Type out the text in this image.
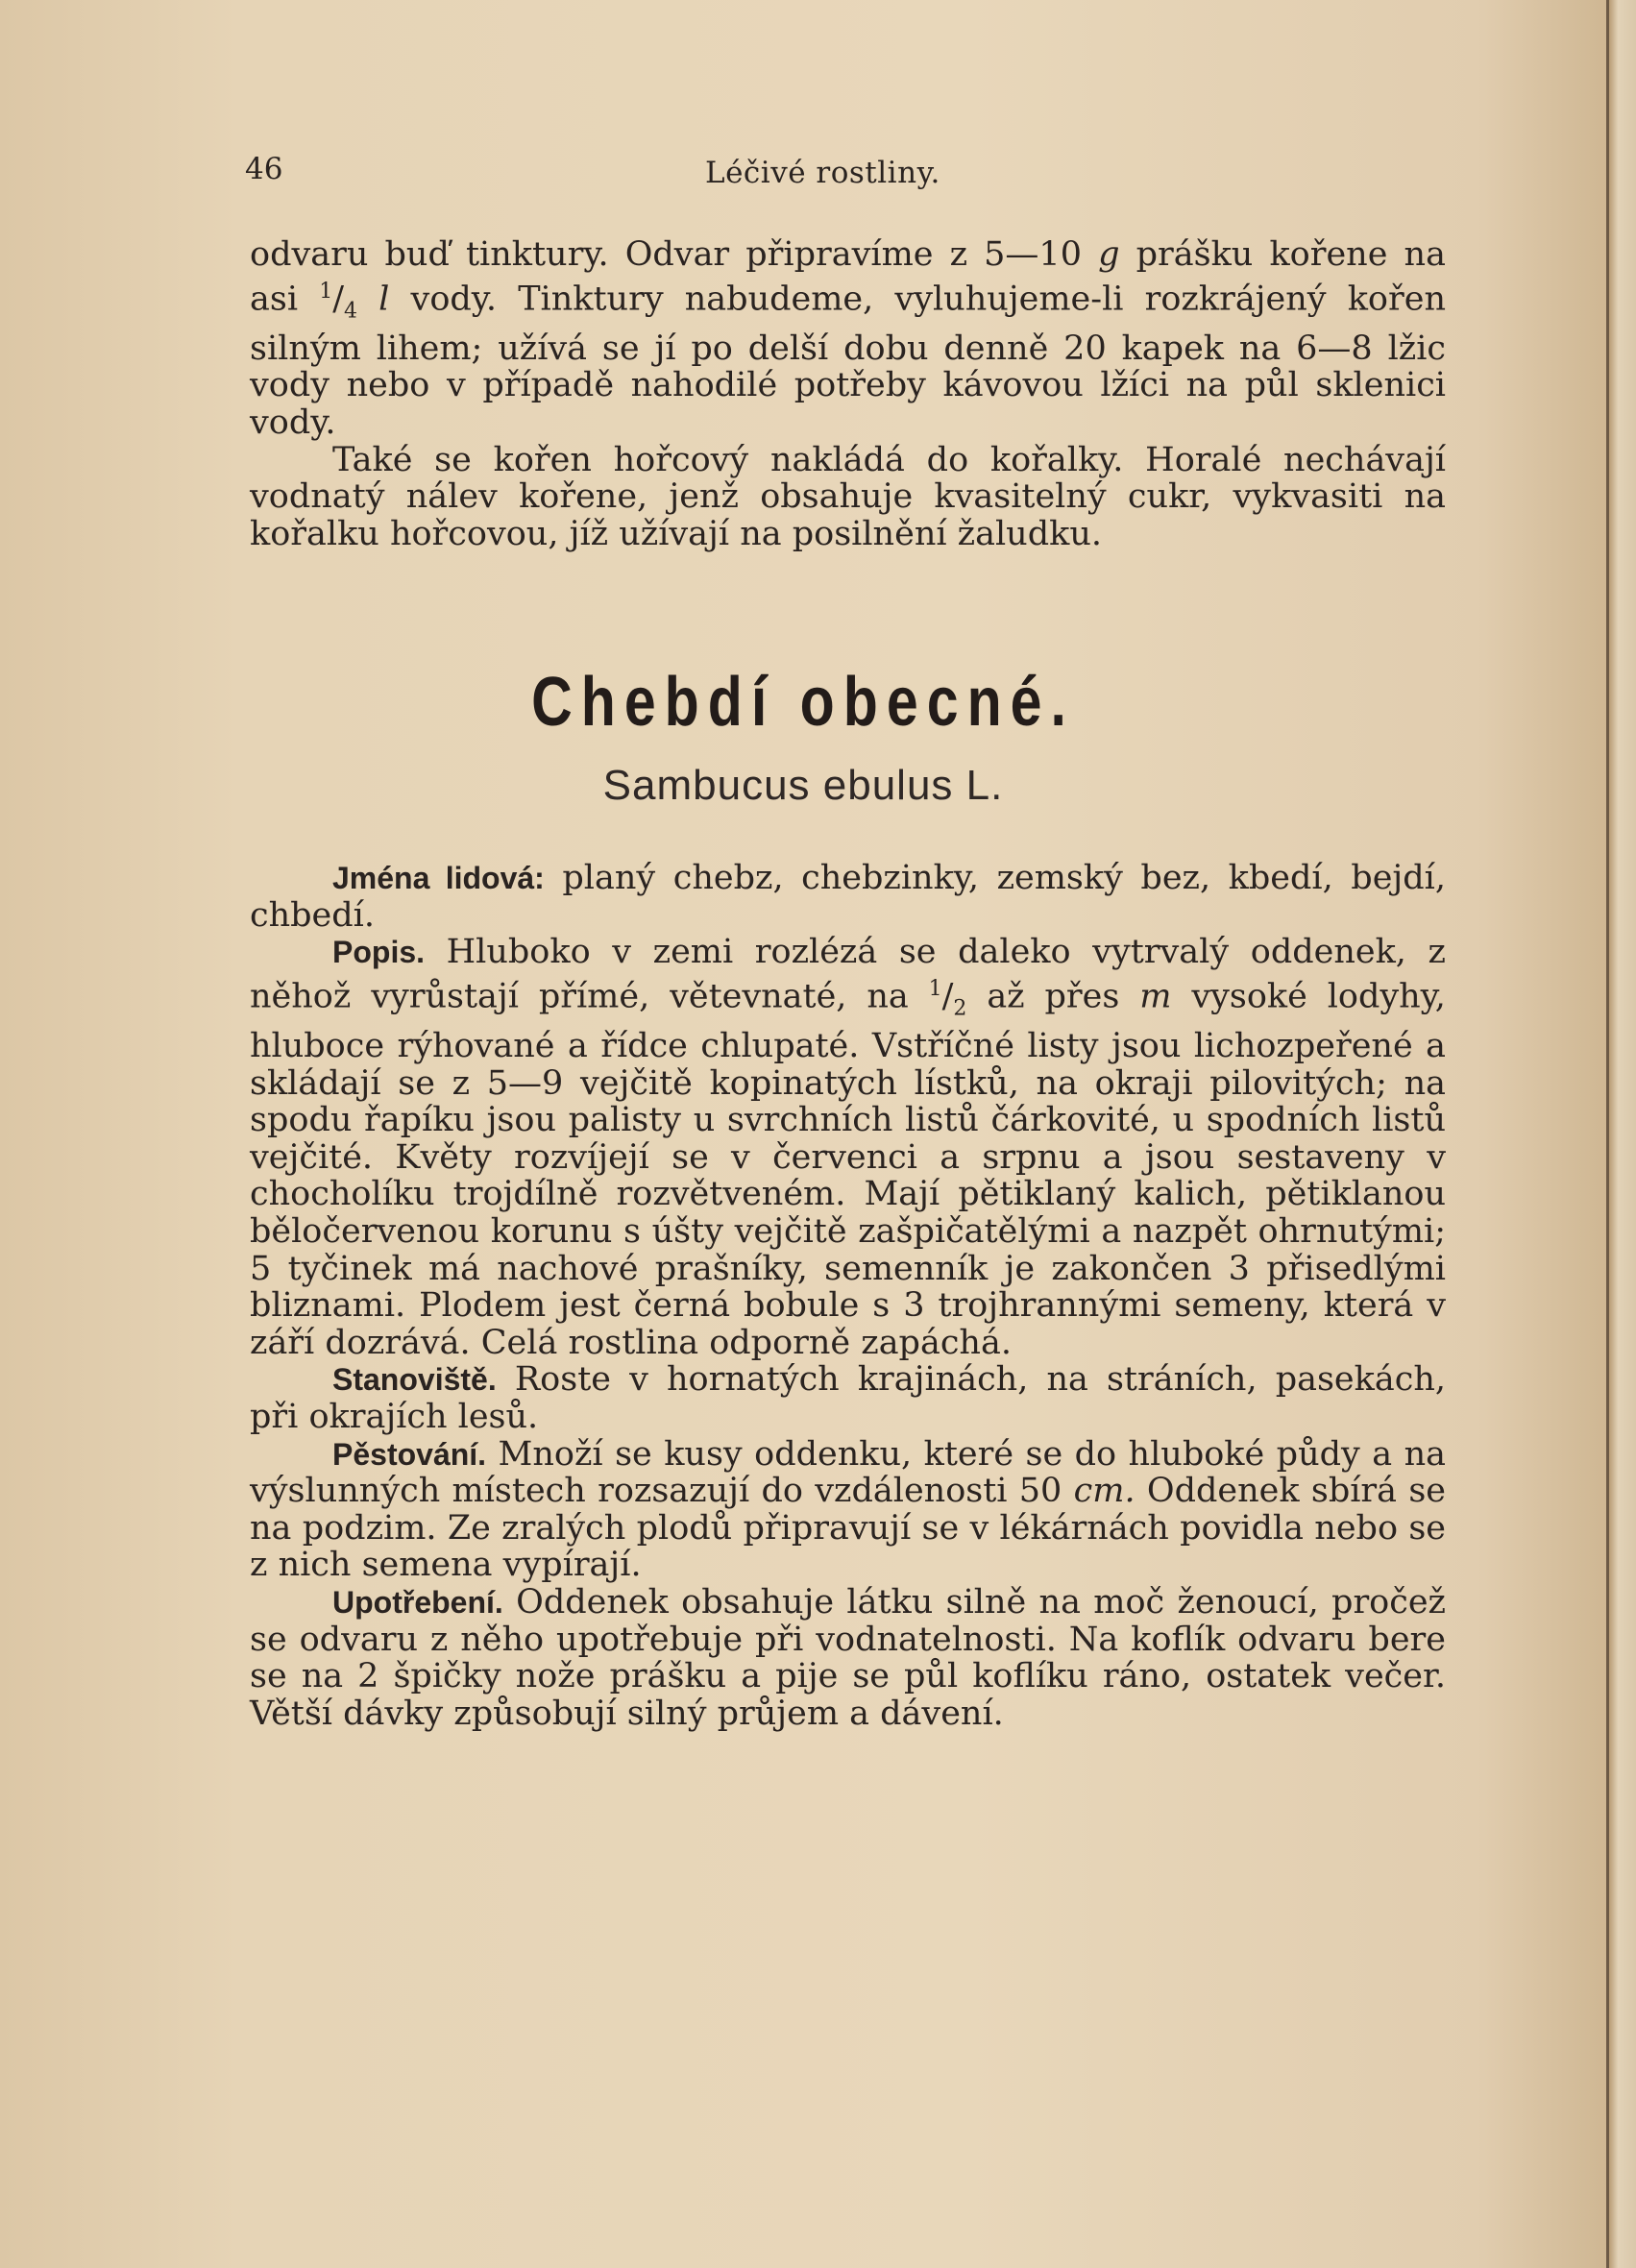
46	Léčivé rostliny.

odvaru buď tinktury. Odvar připravíme z 5—10 g prášku kořene na asi $^1/_4$ l vody. Tinktury nabudeme, vyluhujeme-li rozkrájený kořen silným lihem; užívá se jí po delší dobu denně 20 kapek na 6—8 lžic vody nebo v případě nahodilé potřeby kávovou lžíci na půl sklenici vody.

Také se kořen hořcový nakládá do kořalky. Horalé nechávají vodnatý nálev kořene, jenž obsahuje kvasitelný cukr, vykvasiti na kořalku hořcovou, jíž užívají na posilnění žaludku.

Chebdí obecné.
Sambucus ebulus L.

Jména lidová: planý chebz, chebzinky, zemský bez, kbedí, bejdí, chbedí.

Popis. Hluboko v zemi rozlézá se daleko vytrvalý oddenek, z něhož vyrůstají přímé, větevnaté, na $^1/_2$ až přes m vysoké lodyhy, hluboce rýhované a řídce chlupaté. Vstříčné listy jsou lichozpeřené a skládají se z 5—9 vejčitě kopinatých lístků, na okraji pilovitých; na spodu řapíku jsou palisty u svrchních listů čárkovité, u spodních listů vejčité. Květy rozvíjejí se v červenci a srpnu a jsou sestaveny v chocholíku trojdílně rozvětveném. Mají pětiklaný kalich, pětiklanou běločervenou korunu s úšty vejčitě zašpičatělými a nazpět ohrnutými; 5 tyčinek má nachové prašníky, semenník je zakončen 3 přisedlými bliznami. Plodem jest černá bobule s 3 trojhrannými semeny, která v září dozrává. Celá rostlina odporně zapáchá.

Stanoviště. Roste v hornatých krajinách, na stráních, pasekách, při okrajích lesů.

Pěstování. Množí se kusy oddenku, které se do hluboké půdy a na výslunných místech rozsazují do vzdálenosti 50 cm. Oddenek sbírá se na podzim. Ze zralých plodů připravují se v lékárnách povidla nebo se z nich semena vypírají.

Upotřebení. Oddenek obsahuje látku silně na moč ženoucí, pročež se odvaru z něho upotřebuje při vodnatelnosti. Na koflík odvaru bere se na 2 špičky nože prášku a pije se půl koflíku ráno, ostatek večer. Větší dávky způsobují silný průjem a dávení.
